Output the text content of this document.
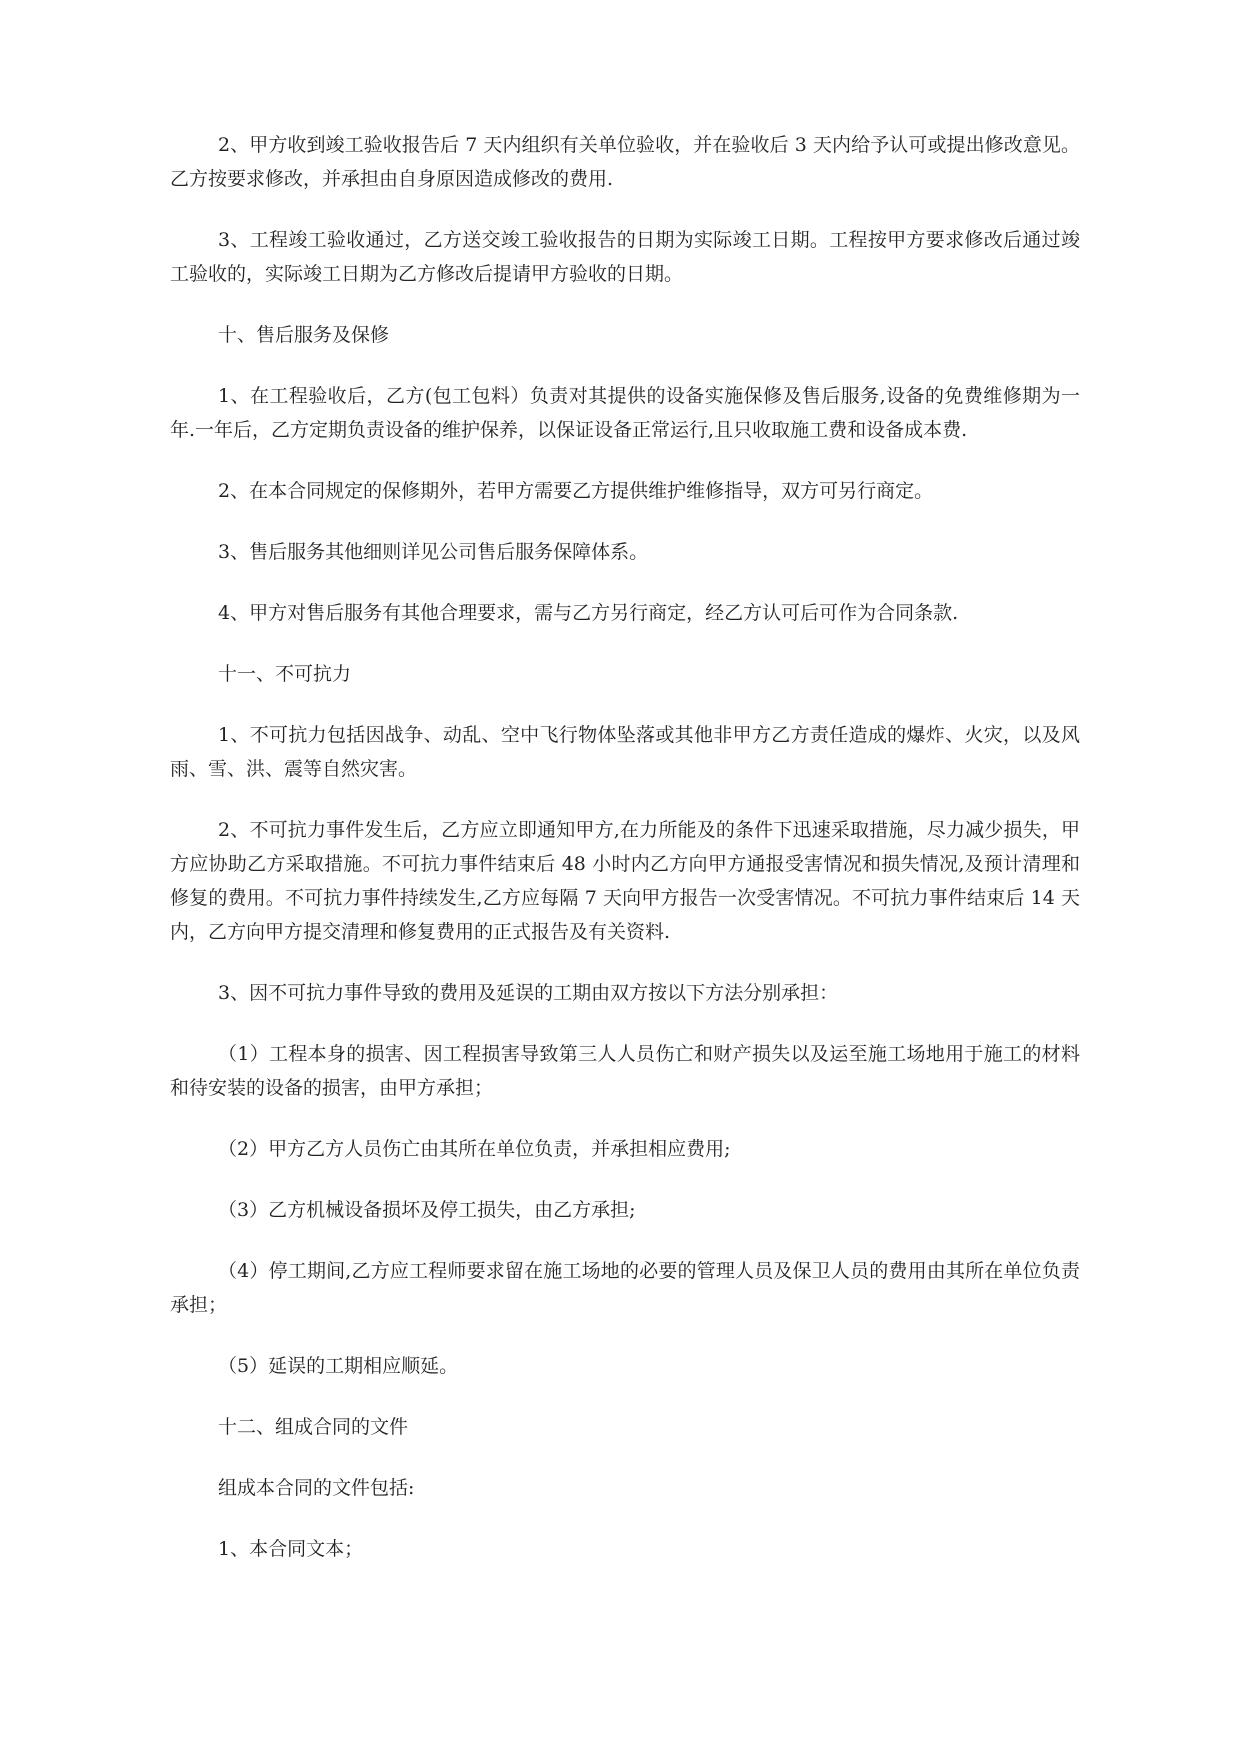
2、甲方收到竣工验收报告后 7 天内组织有关单位验收，并在验收后 3 天内给予认可或提出修改意见。乙方按要求修改，并承担由自身原因造成修改的费用.

3、工程竣工验收通过，乙方送交竣工验收报告的日期为实际竣工日期。工程按甲方要求修改后通过竣工验收的，实际竣工日期为乙方修改后提请甲方验收的日期。

十、售后服务及保修

1、在工程验收后，乙方(包工包料）负责对其提供的设备实施保修及售后服务,设备的免费维修期为一年.一年后，乙方定期负责设备的维护保养，以保证设备正常运行,且只收取施工费和设备成本费.

2、在本合同规定的保修期外，若甲方需要乙方提供维护维修指导，双方可另行商定。

3、售后服务其他细则详见公司售后服务保障体系。

4、甲方对售后服务有其他合理要求，需与乙方另行商定，经乙方认可后可作为合同条款.

十一、不可抗力

1、不可抗力包括因战争、动乱、空中飞行物体坠落或其他非甲方乙方责任造成的爆炸、火灾，以及风雨、雪、洪、震等自然灾害。

2、不可抗力事件发生后，乙方应立即通知甲方,在力所能及的条件下迅速采取措施，尽力减少损失，甲方应协助乙方采取措施。不可抗力事件结束后 48 小时内乙方向甲方通报受害情况和损失情况,及预计清理和修复的费用。不可抗力事件持续发生,乙方应每隔 7 天向甲方报告一次受害情况。不可抗力事件结束后 14 天内，乙方向甲方提交清理和修复费用的正式报告及有关资料.

3、因不可抗力事件导致的费用及延误的工期由双方按以下方法分别承担：

（1）工程本身的损害、因工程损害导致第三人人员伤亡和财产损失以及运至施工场地用于施工的材料和待安装的设备的损害，由甲方承担；

（2）甲方乙方人员伤亡由其所在单位负责，并承担相应费用;

（3）乙方机械设备损坏及停工损失，由乙方承担;

（4）停工期间,乙方应工程师要求留在施工场地的必要的管理人员及保卫人员的费用由其所在单位负责承担；

（5）延误的工期相应顺延。

十二、组成合同的文件

组成本合同的文件包括:

1、本合同文本；
